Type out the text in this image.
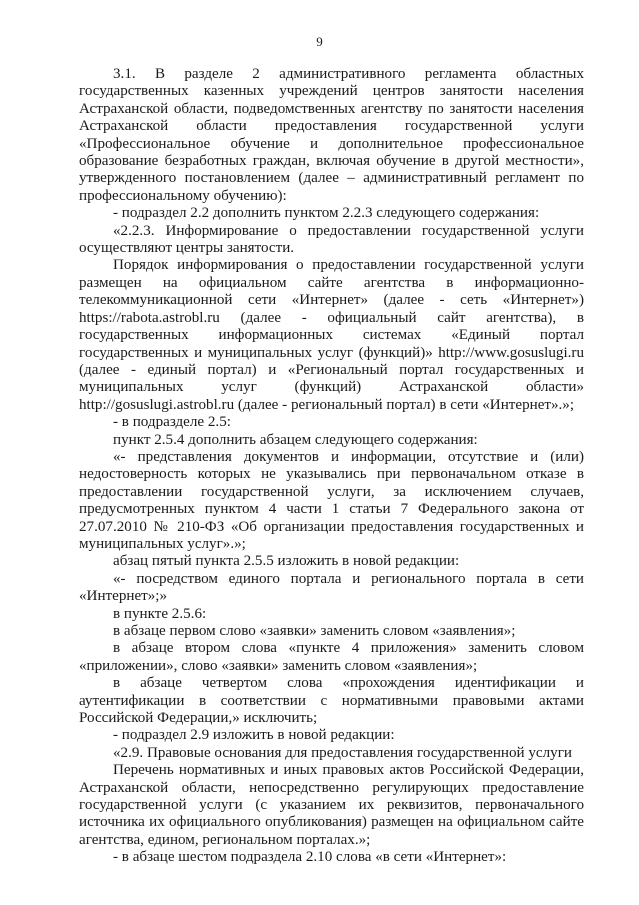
9

3.1. В разделе 2 административного регламента областных государственных казенных учреждений центров занятости населения Астраханской области, подведомственных агентству по занятости населения Астраханской области предоставления государственной услуги «Профессиональное обучение и дополнительное профессиональное образование безработных граждан, включая обучение в другой местности», утвержденного постановлением (далее – административный регламент по профессиональному обучению):

- подраздел 2.2 дополнить пунктом 2.2.3 следующего содержания:

«2.2.3. Информирование о предоставлении государственной услуги осуществляют центры занятости.

Порядок информирования о предоставлении государственной услуги размещен на официальном сайте агентства в информационно-телекоммуникационной сети «Интернет» (далее - сеть «Интернет») https://rabota.astrobl.ru (далее - официальный сайт агентства), в государственных информационных системах «Единый портал государственных и муниципальных услуг (функций)» http://www.gosuslugi.ru (далее - единый портал) и «Региональный портал государственных и муниципальных услуг (функций) Астраханской области» http://gosuslugi.astrobl.ru (далее - региональный портал) в сети «Интернет».»;

- в подразделе 2.5:

пункт 2.5.4 дополнить абзацем следующего содержания:

«- представления документов и информации, отсутствие и (или) недостоверность которых не указывались при первоначальном отказе в предоставлении государственной услуги, за исключением случаев, предусмотренных пунктом 4 части 1 статьи 7 Федерального закона от 27.07.2010 № 210-ФЗ «Об организации предоставления государственных и муниципальных услуг».»;

абзац пятый пункта 2.5.5 изложить в новой редакции:

«- посредством единого портала и регионального портала в сети «Интернет»;»

в пункте 2.5.6:

в абзаце первом слово «заявки» заменить словом «заявления»;

в абзаце втором слова «пункте 4 приложения» заменить словом «приложении», слово «заявки» заменить словом «заявления»;

в абзаце четвертом слова «прохождения идентификации и аутентификации в соответствии с нормативными правовыми актами Российской Федерации,» исключить;

- подраздел 2.9 изложить в новой редакции:

«2.9. Правовые основания для предоставления государственной услуги

Перечень нормативных и иных правовых актов Российской Федерации, Астраханской области, непосредственно регулирующих предоставление государственной услуги (с указанием их реквизитов, первоначального источника их официального опубликования) размещен на официальном сайте агентства, едином, региональном порталах.»;

- в абзаце шестом подраздела 2.10 слова «в сети «Интернет»:
